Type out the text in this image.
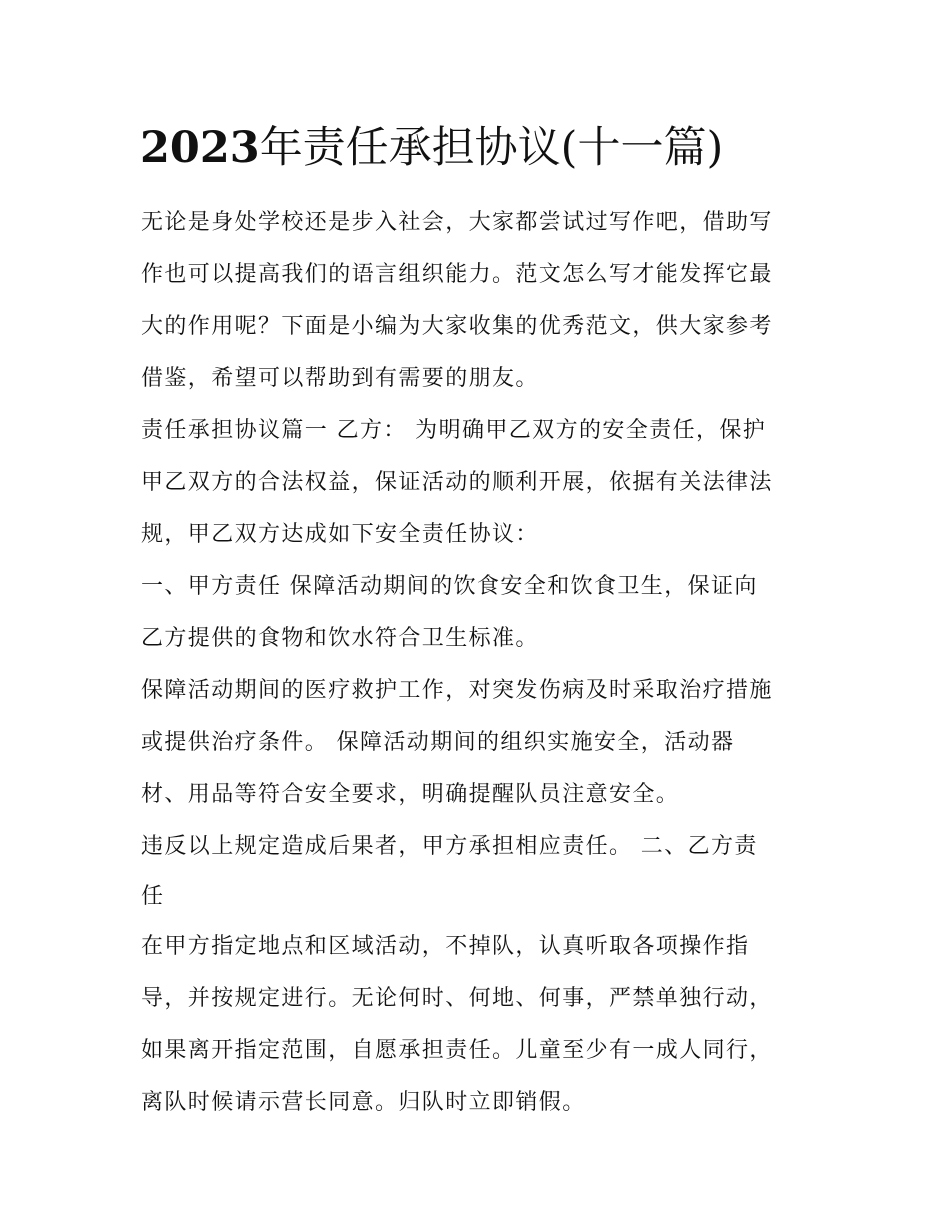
2023年责任承担协议(十一篇)
无论是身处学校还是步入社会，大家都尝试过写作吧，借助写
作也可以提高我们的语言组织能力。范文怎么写才能发挥它最
大的作用呢？下面是小编为大家收集的优秀范文，供大家参考
借鉴，希望可以帮助到有需要的朋友。
责任承担协议篇一 乙方： 为明确甲乙双方的安全责任，保护
甲乙双方的合法权益，保证活动的顺利开展，依据有关法律法
规，甲乙双方达成如下安全责任协议：
一、甲方责任 保障活动期间的饮食安全和饮食卫生，保证向
乙方提供的食物和饮水符合卫生标准。
保障活动期间的医疗救护工作，对突发伤病及时采取治疗措施
或提供治疗条件。 保障活动期间的组织实施安全，活动器
材、用品等符合安全要求，明确提醒队员注意安全。
违反以上规定造成后果者，甲方承担相应责任。 二、乙方责
任
在甲方指定地点和区域活动，不掉队，认真听取各项操作指
导，并按规定进行。无论何时、何地、何事，严禁单独行动，
如果离开指定范围，自愿承担责任。儿童至少有一成人同行，
离队时候请示营长同意。归队时立即销假。
